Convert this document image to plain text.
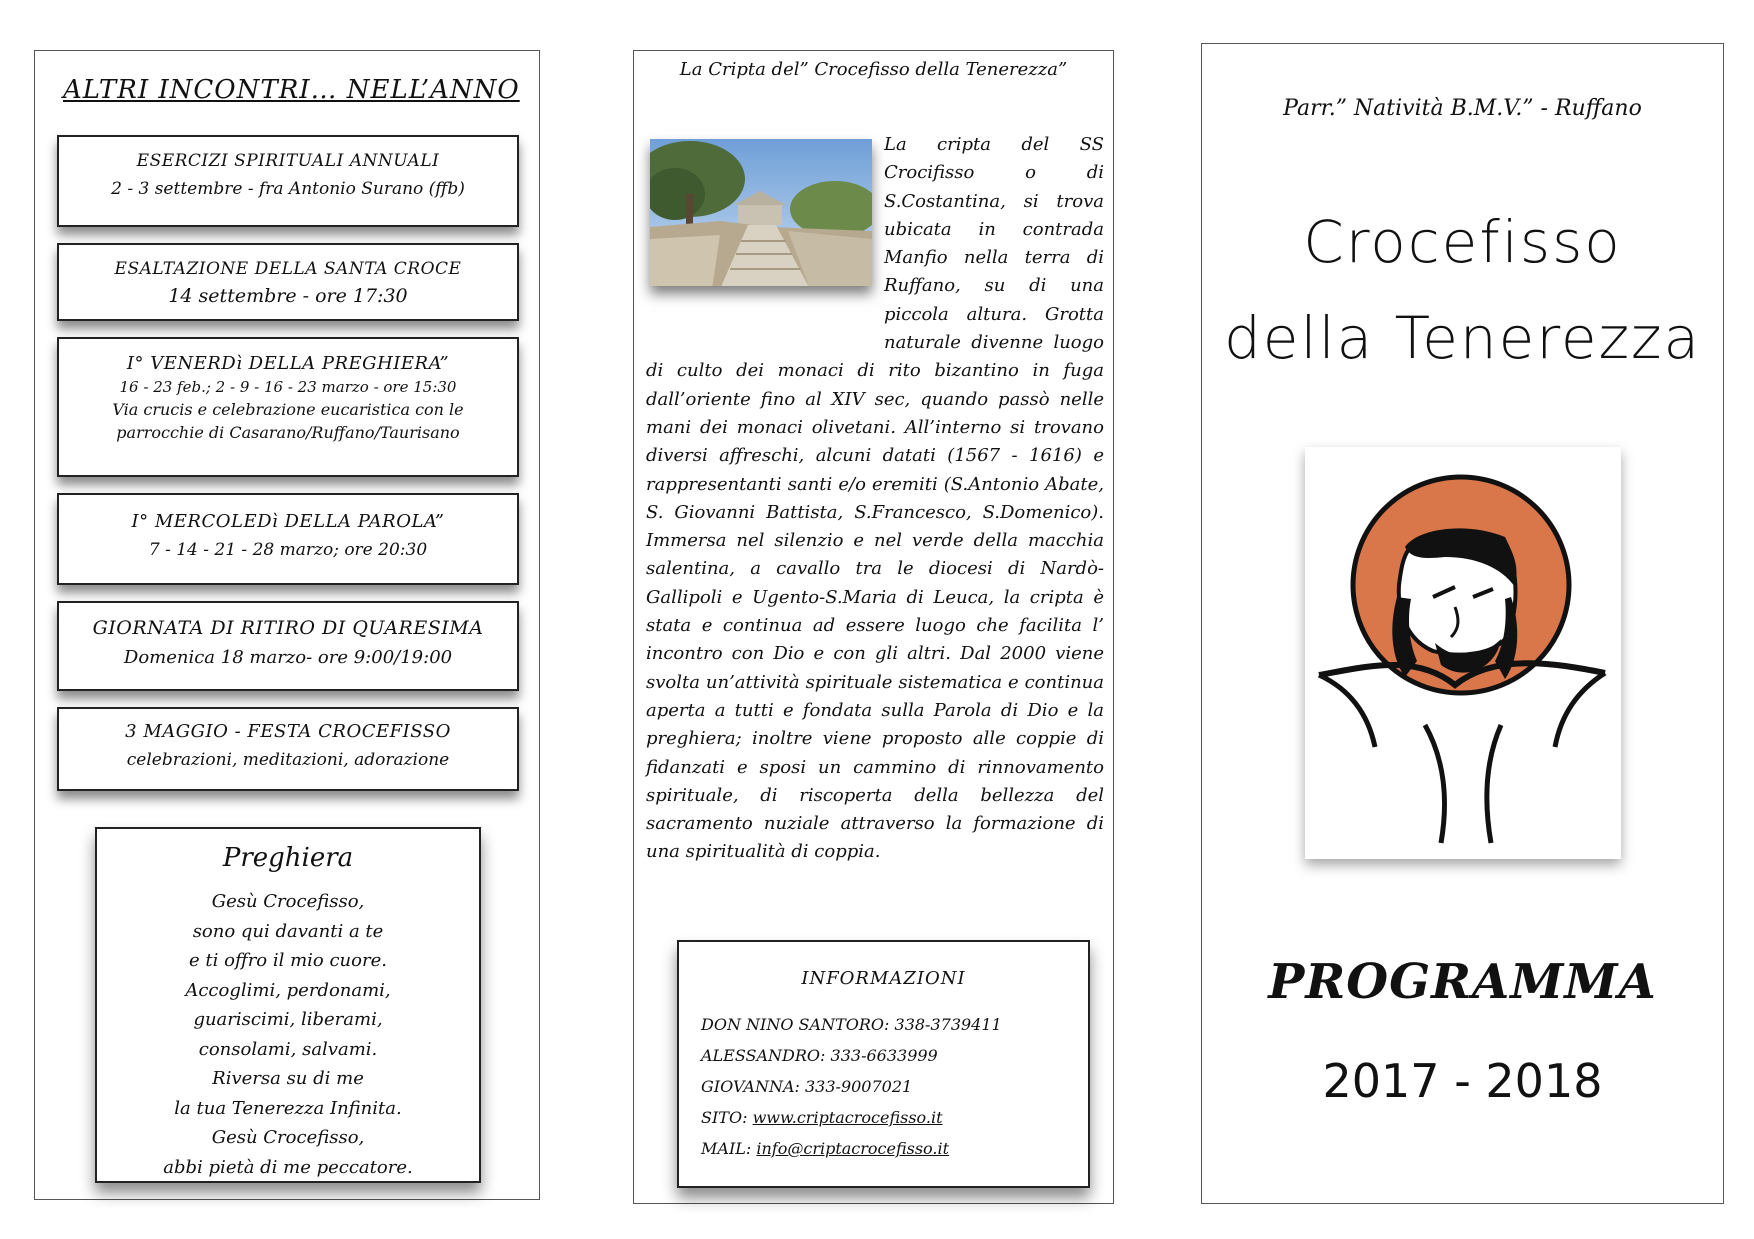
ALTRI INCONTRI… NELL’ANNO
ESERCIZI SPIRITUALI ANNUALI
2 - 3 settembre - fra Antonio Surano (ffb)
ESALTAZIONE DELLA SANTA CROCE
14 settembre - ore 17:30
I° VENERDì DELLA PREGHIERA”
16 - 23 feb.; 2 - 9 - 16 - 23 marzo - ore 15:30
Via crucis e celebrazione eucaristica con le
parrocchie di Casarano/Ruffano/Taurisano
I° MERCOLEDì DELLA PAROLA”
7 - 14 - 21 - 28 marzo; ore 20:30
GIORNATA DI RITIRO DI QUARESIMA
Domenica 18 marzo- ore 9:00/19:00
3 MAGGIO - FESTA CROCEFISSO
celebrazioni, meditazioni, adorazione
Preghiera
Gesù Crocefisso,
sono qui davanti a te
e ti offro il mio cuore.
Accoglimi, perdonami,
guariscimi, liberami,
consolami, salvami.
Riversa su di me
la tua Tenerezza Infinita.
Gesù Crocefisso,
abbi pietà di me peccatore.
La Cripta del” Crocefisso della Tenerezza”
La cripta del SS Crocifisso o di S.Costantina, si trova ubicata in contrada Manfio nella terra di Ruffano, su di una piccola altura. Grotta naturale divenne luogo di culto dei monaci di rito bizantino in fuga dall’oriente fino al XIV sec, quando passò nelle mani dei monaci olivetani. All’interno si trovano diversi affreschi, alcuni datati (1567 - 1616) e rappresentanti santi e/o eremiti (S.Antonio Abate, S. Giovanni Battista, S.Francesco, S.Domenico). Immersa nel silenzio e nel verde della macchia salentina, a cavallo tra le diocesi di Nardò-Gallipoli e Ugento-S.Maria di Leuca, la cripta è stata e continua ad essere luogo che facilita l’ incontro con Dio e con gli altri. Dal 2000 viene svolta un’attività spirituale sistematica e continua aperta a tutti e fondata sulla Parola di Dio e la preghiera; inoltre viene proposto alle coppie di fidanzati e sposi un cammino di rinnovamento spirituale, di riscoperta della bellezza del sacramento nuziale attraverso la formazione di una spiritualità di coppia.
INFORMAZIONI
DON NINO SANTORO: 338-3739411
ALESSANDRO: 333-6633999
GIOVANNA: 333-9007021
SITO: www.criptacrocefisso.it
MAIL: info@criptacrocefisso.it
Parr.” Natività B.M.V.” - Ruffano
Crocefisso
della Tenerezza
PROGRAMMA
2017 - 2018
